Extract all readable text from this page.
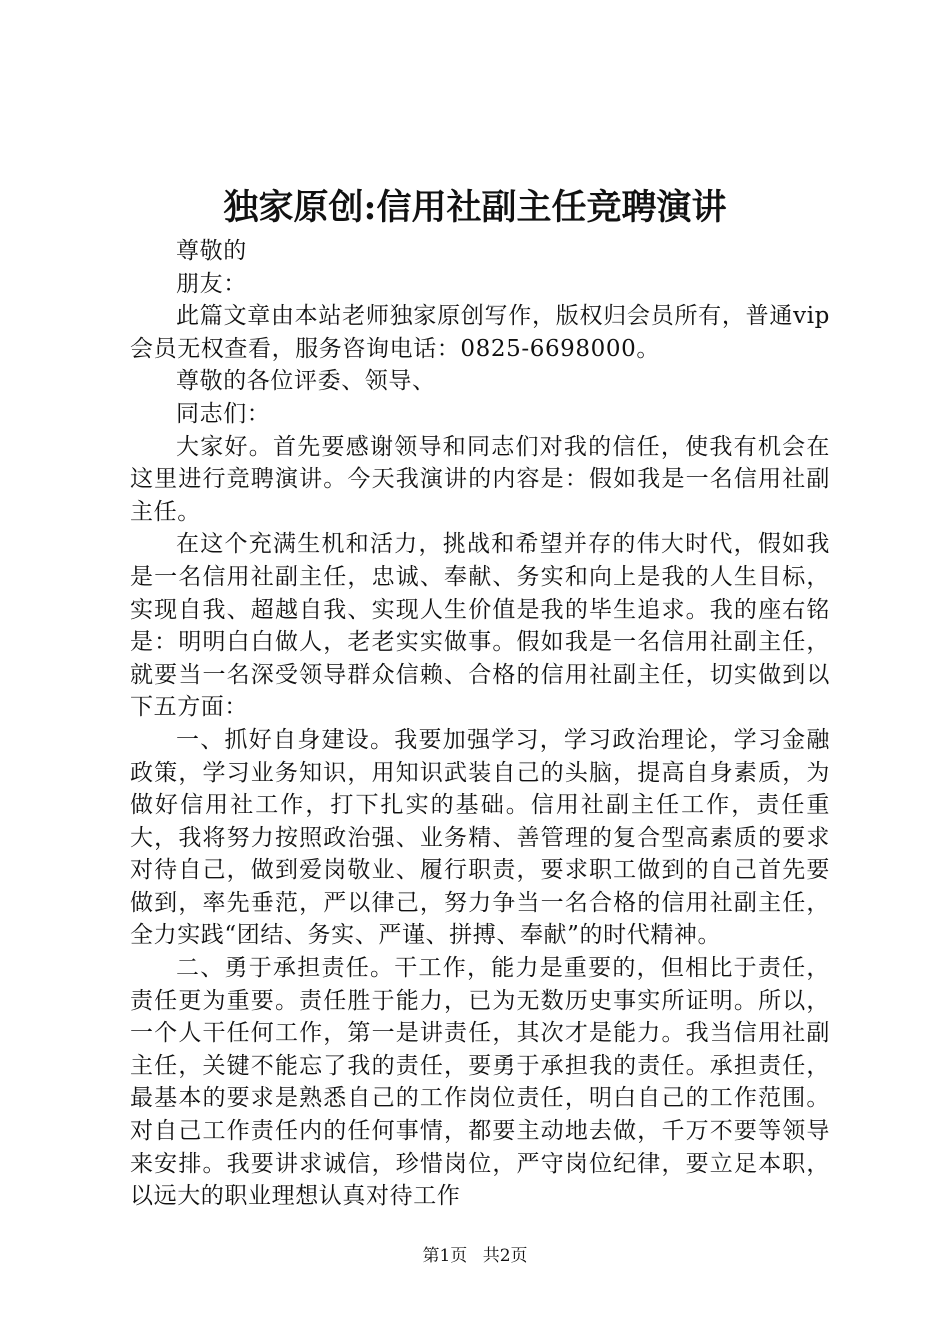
独家原创:信用社副主任竞聘演讲

尊敬的

朋友：

此篇文章由本站老师独家原创写作，版权归会员所有，普通vip会员无权查看，服务咨询电话：0825-6698000。

尊敬的各位评委、领导、

同志们：

大家好。首先要感谢领导和同志们对我的信任，使我有机会在这里进行竞聘演讲。今天我演讲的内容是：假如我是一名信用社副主任。

在这个充满生机和活力，挑战和希望并存的伟大时代，假如我是一名信用社副主任，忠诚、奉献、务实和向上是我的人生目标，实现自我、超越自我、实现人生价值是我的毕生追求。我的座右铭是：明明白白做人，老老实实做事。假如我是一名信用社副主任，就要当一名深受领导群众信赖、合格的信用社副主任，切实做到以下五方面：

一、抓好自身建设。我要加强学习，学习政治理论，学习金融政策，学习业务知识，用知识武装自己的头脑，提高自身素质，为做好信用社工作，打下扎实的基础。信用社副主任工作，责任重大，我将努力按照政治强、业务精、善管理的复合型高素质的要求对待自己，做到爱岗敬业、履行职责，要求职工做到的自己首先要做到，率先垂范，严以律己，努力争当一名合格的信用社副主任，全力实践“团结、务实、严谨、拼搏、奉献”的时代精神。

二、勇于承担责任。干工作，能力是重要的，但相比于责任，责任更为重要。责任胜于能力，已为无数历史事实所证明。所以，一个人干任何工作，第一是讲责任，其次才是能力。我当信用社副主任，关键不能忘了我的责任，要勇于承担我的责任。承担责任，最基本的要求是熟悉自己的工作岗位责任，明白自己的工作范围。对自己工作责任内的任何事情，都要主动地去做，千万不要等领导来安排。我要讲求诚信，珍惜岗位，严守岗位纪律，要立足本职，以远大的职业理想认真对待工作

第1页 共2页
